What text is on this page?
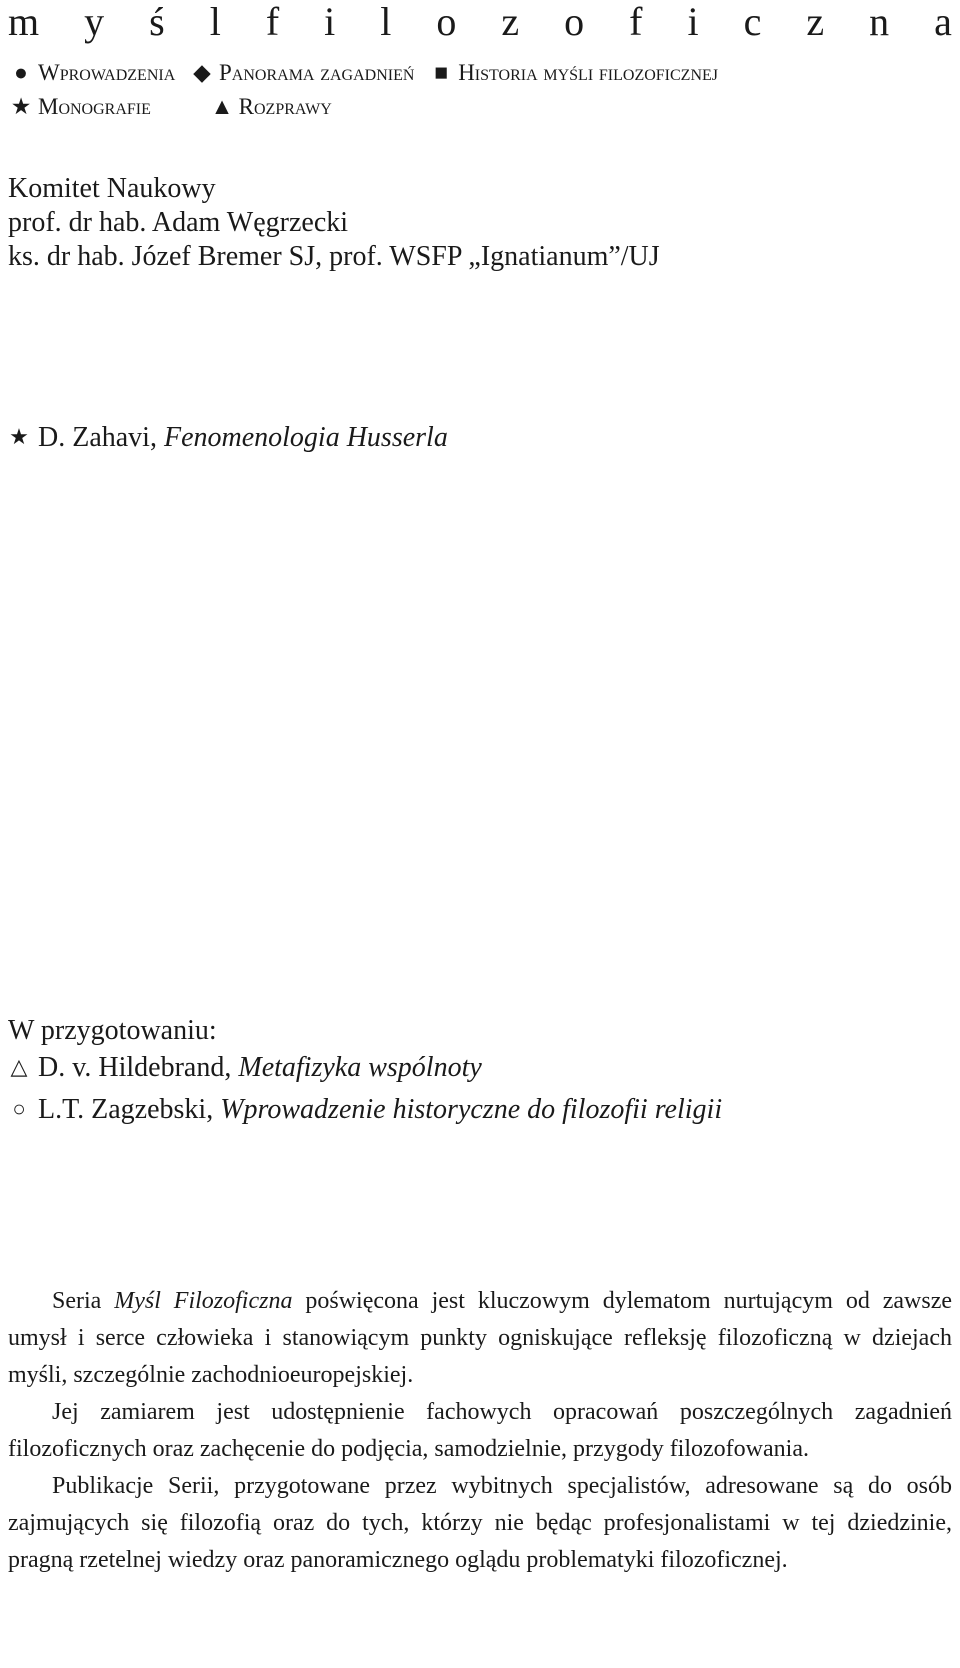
m y ś l f i l o z o f i c z n a
● Wprowadzenia
◆ Panorama zagadnień
■ Historia myśli filozoficznej
★ Monografie
	▲ Rozprawy
Komitet Naukowy
prof. dr hab. Adam Węgrzecki
ks. dr hab. Józef Bremer SJ, prof. WSFP „Ignatianum”/UJ
★ D. Zahavi, Fenomenologia Husserla
W przygotowaniu:
△ D. v. Hildebrand, Metafizyka wspólnoty
○ L.T. Zagzebski, Wprowadzenie historyczne do filozofii religii

Seria Myśl Filozoficzna poświęcona jest kluczowym dylematom nurtującym od zawsze umysł i serce człowieka i stanowiącym punkty ogniskujące refleksję filozoficzną w dziejach myśli, szczególnie zachodnioeuropejskiej.

Jej zamiarem jest udostępnienie fachowych opracowań poszczególnych zagadnień filozoficznych oraz zachęcenie do podjęcia, samodzielnie, przygody filozofowania.

Publikacje Serii, przygotowane przez wybitnych specjalistów, adresowane są do osób zajmujących się filozofią oraz do tych, którzy nie będąc profesjonalistami w tej dziedzinie, pragną rzetelnej wiedzy oraz panoramicznego oglądu problematyki filozoficznej.
